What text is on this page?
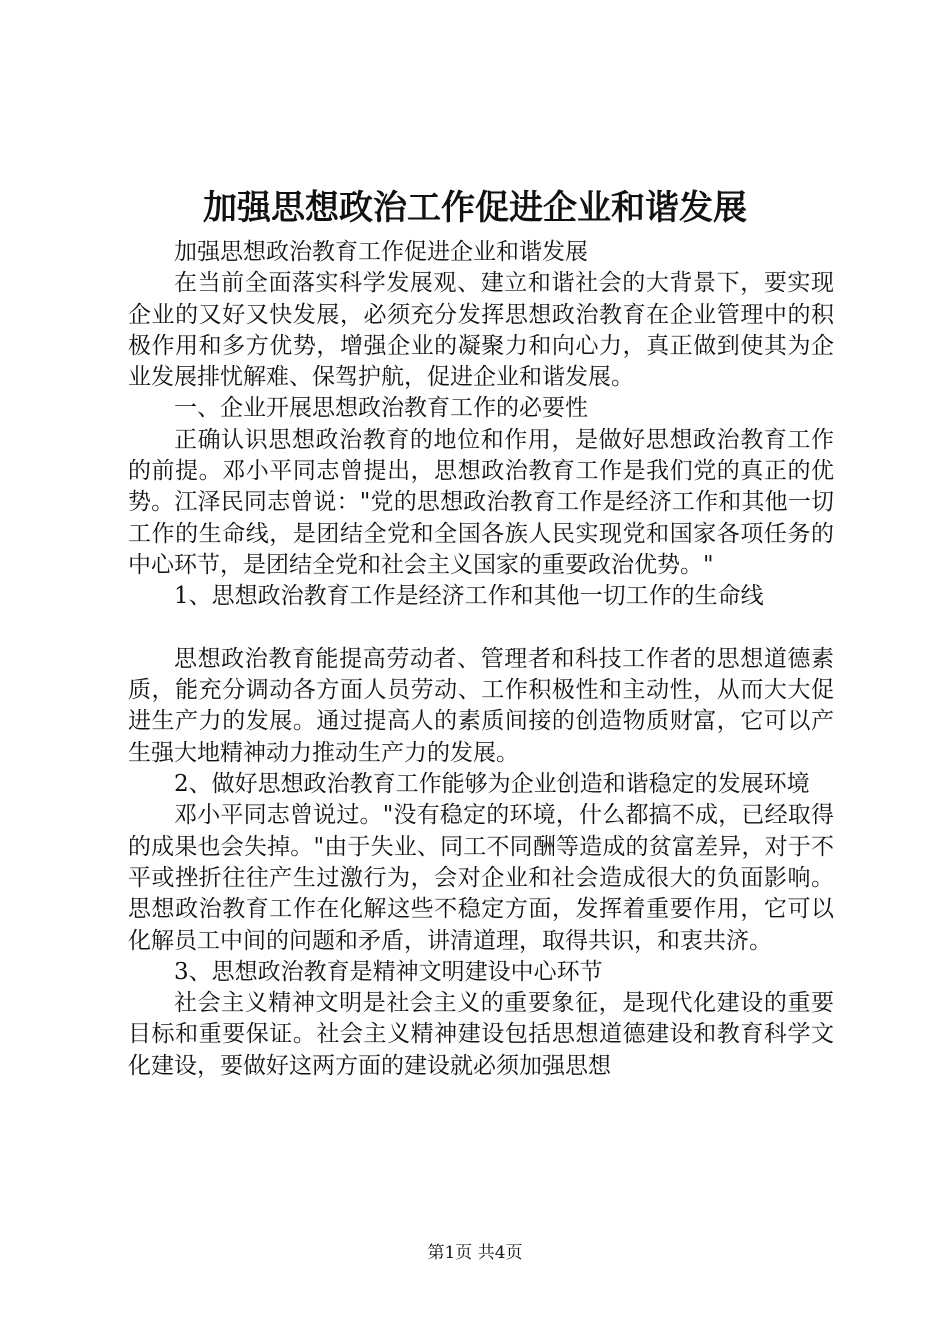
加强思想政治工作促进企业和谐发展

加强思想政治教育工作促进企业和谐发展

在当前全面落实科学发展观、建立和谐社会的大背景下，要实现企业的又好又快发展，必须充分发挥思想政治教育在企业管理中的积极作用和多方优势，增强企业的凝聚力和向心力，真正做到使其为企业发展排忧解难、保驾护航，促进企业和谐发展。

一、企业开展思想政治教育工作的必要性

正确认识思想政治教育的地位和作用，是做好思想政治教育工作的前提。邓小平同志曾提出，思想政治教育工作是我们党的真正的优势。江泽民同志曾说："党的思想政治教育工作是经济工作和其他一切工作的生命线，是团结全党和全国各族人民实现党和国家各项任务的中心环节，是团结全党和社会主义国家的重要政治优势。"

1、思想政治教育工作是经济工作和其他一切工作的生命线

思想政治教育能提高劳动者、管理者和科技工作者的思想道德素质，能充分调动各方面人员劳动、工作积极性和主动性，从而大大促进生产力的发展。通过提高人的素质间接的创造物质财富，它可以产生强大地精神动力推动生产力的发展。

2、做好思想政治教育工作能够为企业创造和谐稳定的发展环境

邓小平同志曾说过。"没有稳定的环境，什么都搞不成，已经取得的成果也会失掉。"由于失业、同工不同酬等造成的贫富差异，对于不平或挫折往往产生过激行为，会对企业和社会造成很大的负面影响。思想政治教育工作在化解这些不稳定方面，发挥着重要作用，它可以化解员工中间的问题和矛盾，讲清道理，取得共识，和衷共济。

3、思想政治教育是精神文明建设中心环节

社会主义精神文明是社会主义的重要象征，是现代化建设的重要目标和重要保证。社会主义精神建设包括思想道德建设和教育科学文化建设，要做好这两方面的建设就必须加强思想

第1页 共4页
